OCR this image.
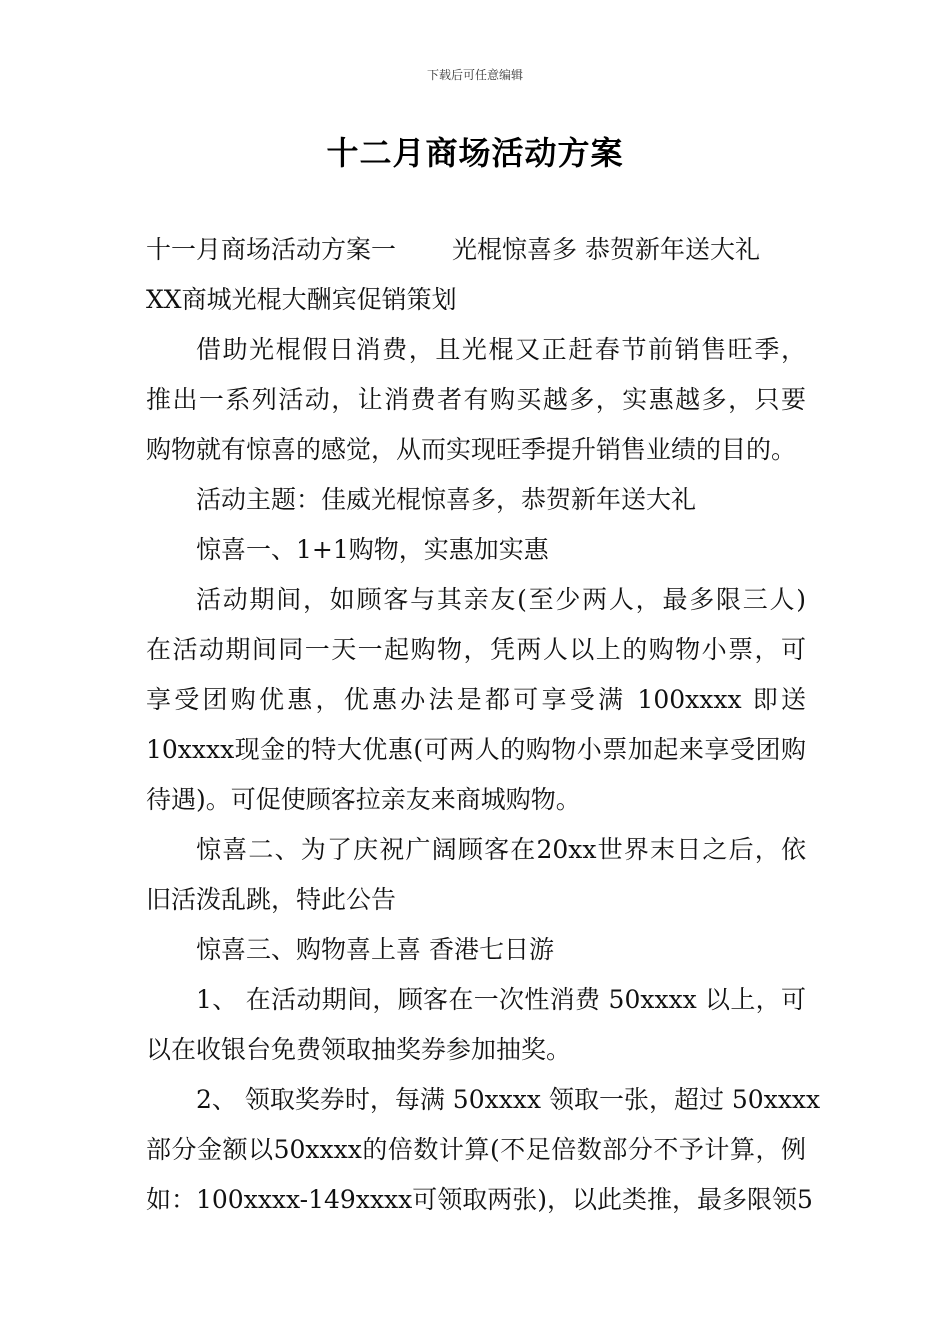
下载后可任意编辑
十二月商场活动方案
十一月商场活动方案一 光棍惊喜多 恭贺新年送大礼
XX商城光棍大酬宾促销策划
借助光棍假日消费，且光棍又正赶春节前销售旺季，
推出一系列活动，让消费者有购买越多，实惠越多，只要
购物就有惊喜的感觉，从而实现旺季提升销售业绩的目的。
活动主题：佳威光棍惊喜多，恭贺新年送大礼
惊喜一、1+1购物，实惠加实惠
活动期间，如顾客与其亲友(至少两人，最多限三人)
在活动期间同一天一起购物，凭两人以上的购物小票，可
享受团购优惠，优惠办法是都可享受满 100xxxx 即送
10xxxx现金的特大优惠(可两人的购物小票加起来享受团购
待遇)。可促使顾客拉亲友来商城购物。
惊喜二、为了庆祝广阔顾客在20xx世界末日之后，依
旧活泼乱跳，特此公告
惊喜三、购物喜上喜 香港七日游
1、 在活动期间，顾客在一次性消费 50xxxx 以上，可
以在收银台免费领取抽奖券参加抽奖。
2、 领取奖券时，每满 50xxxx 领取一张，超过 50xxxx
部分金额以50xxxx的倍数计算(不足倍数部分不予计算，例
如：100xxxx-149xxxx可领取两张)，以此类推，最多限领5
